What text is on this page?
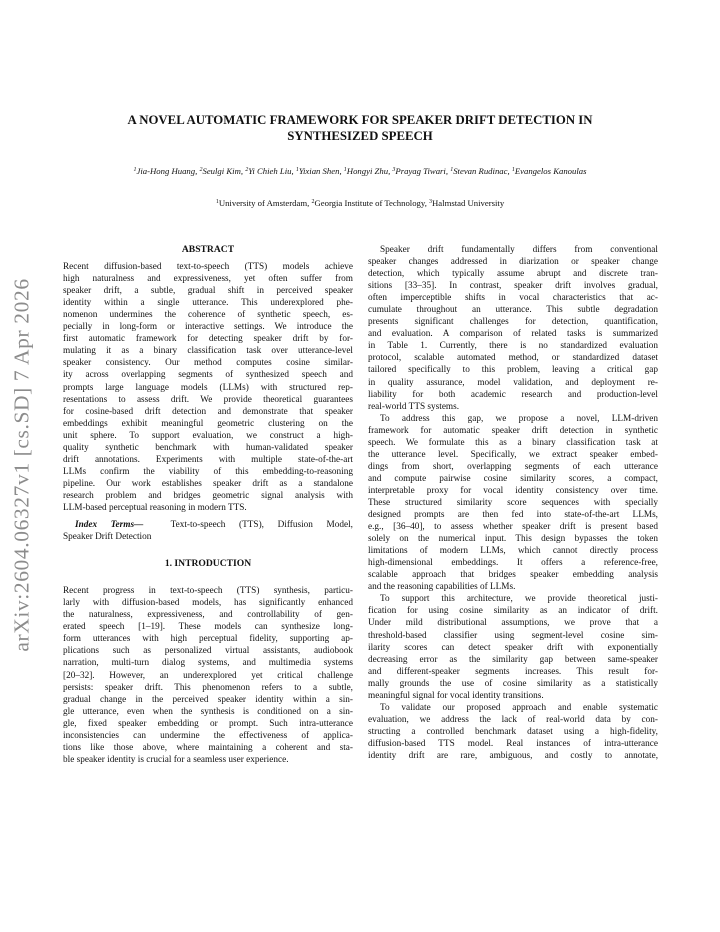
arXiv:2604.06327v1 [cs.SD] 7 Apr 2026
A NOVEL AUTOMATIC FRAMEWORK FOR SPEAKER DRIFT DETECTION IN
SYNTHESIZED SPEECH
$^1$Jia-Hong Huang, $^2$Seulgi Kim, $^2$Yi Chieh Liu, $^1$Yixian Shen, $^1$Hongyi Zhu, $^3$Prayag Tiwari, $^1$Stevan Rudinac, $^1$Evangelos Kanoulas
$^1$University of Amsterdam, $^2$Georgia Institute of Technology, $^3$Halmstad University
ABSTRACT
Recent diffusion-based text-to-speech (TTS) models achieve
high naturalness and expressiveness, yet often suffer from
speaker drift, a subtle, gradual shift in perceived speaker
identity within a single utterance. This underexplored phe-
nomenon undermines the coherence of synthetic speech, es-
pecially in long-form or interactive settings. We introduce the
first automatic framework for detecting speaker drift by for-
mulating it as a binary classification task over utterance-level
speaker consistency. Our method computes cosine similar-
ity across overlapping segments of synthesized speech and
prompts large language models (LLMs) with structured rep-
resentations to assess drift. We provide theoretical guarantees
for cosine-based drift detection and demonstrate that speaker
embeddings exhibit meaningful geometric clustering on the
unit sphere. To support evaluation, we construct a high-
quality synthetic benchmark with human-validated speaker
drift annotations. Experiments with multiple state-of-the-art
LLMs confirm the viability of this embedding-to-reasoning
pipeline. Our work establishes speaker drift as a standalone
research problem and bridges geometric signal analysis with
LLM-based perceptual reasoning in modern TTS.
Index Terms—	Text-to-speech (TTS), Diffusion Model,
Speaker Drift Detection
1. INTRODUCTION
Recent progress in text-to-speech (TTS) synthesis, particu-
larly with diffusion-based models, has significantly enhanced
the naturalness, expressiveness, and controllability of gen-
erated speech [1–19]. These models can synthesize long-
form utterances with high perceptual fidelity, supporting ap-
plications such as personalized virtual assistants, audiobook
narration, multi-turn dialog systems, and multimedia systems
[20–32]. However, an underexplored yet critical challenge
persists: speaker drift. This phenomenon refers to a subtle,
gradual change in the perceived speaker identity within a sin-
gle utterance, even when the synthesis is conditioned on a sin-
gle, fixed speaker embedding or prompt. Such intra-utterance
inconsistencies can undermine the effectiveness of applica-
tions like those above, where maintaining a coherent and sta-
ble speaker identity is crucial for a seamless user experience.
Speaker drift fundamentally differs from conventional
speaker changes addressed in diarization or speaker change
detection, which typically assume abrupt and discrete tran-
sitions [33–35]. In contrast, speaker drift involves gradual,
often imperceptible shifts in vocal characteristics that ac-
cumulate throughout an utterance. This subtle degradation
presents significant challenges for detection, quantification,
and evaluation. A comparison of related tasks is summarized
in Table 1. Currently, there is no standardized evaluation
protocol, scalable automated method, or standardized dataset
tailored specifically to this problem, leaving a critical gap
in quality assurance, model validation, and deployment re-
liability for both academic research and production-level
real-world TTS systems.
To address this gap, we propose a novel, LLM-driven
framework for automatic speaker drift detection in synthetic
speech. We formulate this as a binary classification task at
the utterance level. Specifically, we extract speaker embed-
dings from short, overlapping segments of each utterance
and compute pairwise cosine similarity scores, a compact,
interpretable proxy for vocal identity consistency over time.
These structured similarity score sequences with specially
designed prompts are then fed into state-of-the-art LLMs,
e.g., [36–40], to assess whether speaker drift is present based
solely on the numerical input. This design bypasses the token
limitations of modern LLMs, which cannot directly process
high-dimensional embeddings. It offers a reference-free,
scalable approach that bridges speaker embedding analysis
and the reasoning capabilities of LLMs.
To support this architecture, we provide theoretical justi-
fication for using cosine similarity as an indicator of drift.
Under mild distributional assumptions, we prove that a
threshold-based classifier using segment-level cosine sim-
ilarity scores can detect speaker drift with exponentially
decreasing error as the similarity gap between same-speaker
and different-speaker segments increases. This result for-
mally grounds the use of cosine similarity as a statistically
meaningful signal for vocal identity transitions.
To validate our proposed approach and enable systematic
evaluation, we address the lack of real-world data by con-
structing a controlled benchmark dataset using a high-fidelity,
diffusion-based TTS model. Real instances of intra-utterance
identity drift are rare, ambiguous, and costly to annotate,
